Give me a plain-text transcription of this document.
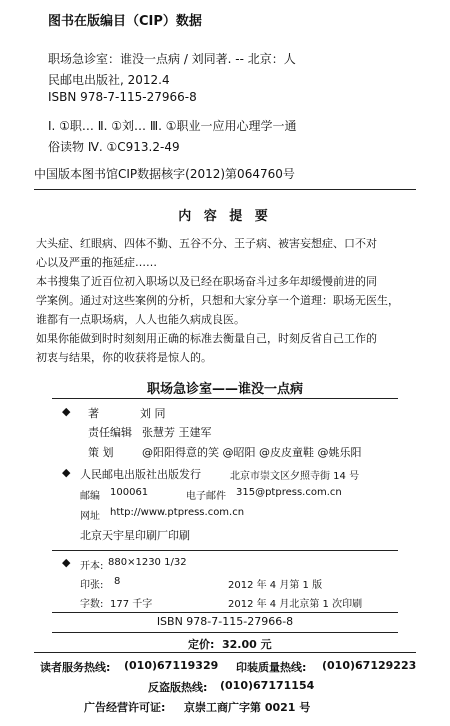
图书在版编目（CIP）数据
职场急诊室：谁没一点病 / 刘同著. -- 北京：人
民邮电出版社, 2012.4
ISBN 978-7-115-27966-8
Ⅰ. ①职… Ⅱ. ①刘… Ⅲ. ①职业一应用心理学一通
俗读物 Ⅳ. ①C913.2-49
中国版本图书馆CIP数据核字(2012)第064760号
内 容 提 要
大头症、红眼病、四体不勤、五谷不分、王子病、被害妄想症、口不对
心以及严重的拖延症……
本书搜集了近百位初入职场以及已经在职场奋斗过多年却缓慢前进的同
学案例。通过对这些案例的分析，只想和大家分享一个道理：职场无医生，
谁都有一点职场病，人人也能久病成良医。
如果你能做到时时刻刻用正确的标准去衡量自己，时刻反省自己工作的
初衷与结果，你的收获将是惊人的。
职场急诊室——谁没一点病
◆ 著	刘 同
责任编辑 张慧芳 王建军
策 划	@阳阳得意的笑 @昭阳 @皮皮童鞋 @姚乐阳
◆ 人民邮电出版社出版发行	北京市崇文区夕照寺街 14 号
邮编 100061	电子邮件 315@ptpress.com.cn
网址 http://www.ptpress.com.cn
北京天宇星印刷厂印刷
◆ 开本: 880×1230 1/32
印张: 8	2012 年 4 月第 1 版
字数: 177 千字	2012 年 4 月北京第 1 次印刷
ISBN 978-7-115-27966-8
定价: 32.00 元
读者服务热线: (010)67119329 印装质量热线: (010)67129223
反盗版热线: (010)67171154
广告经营许可证: 京崇工商广字第 0021 号
